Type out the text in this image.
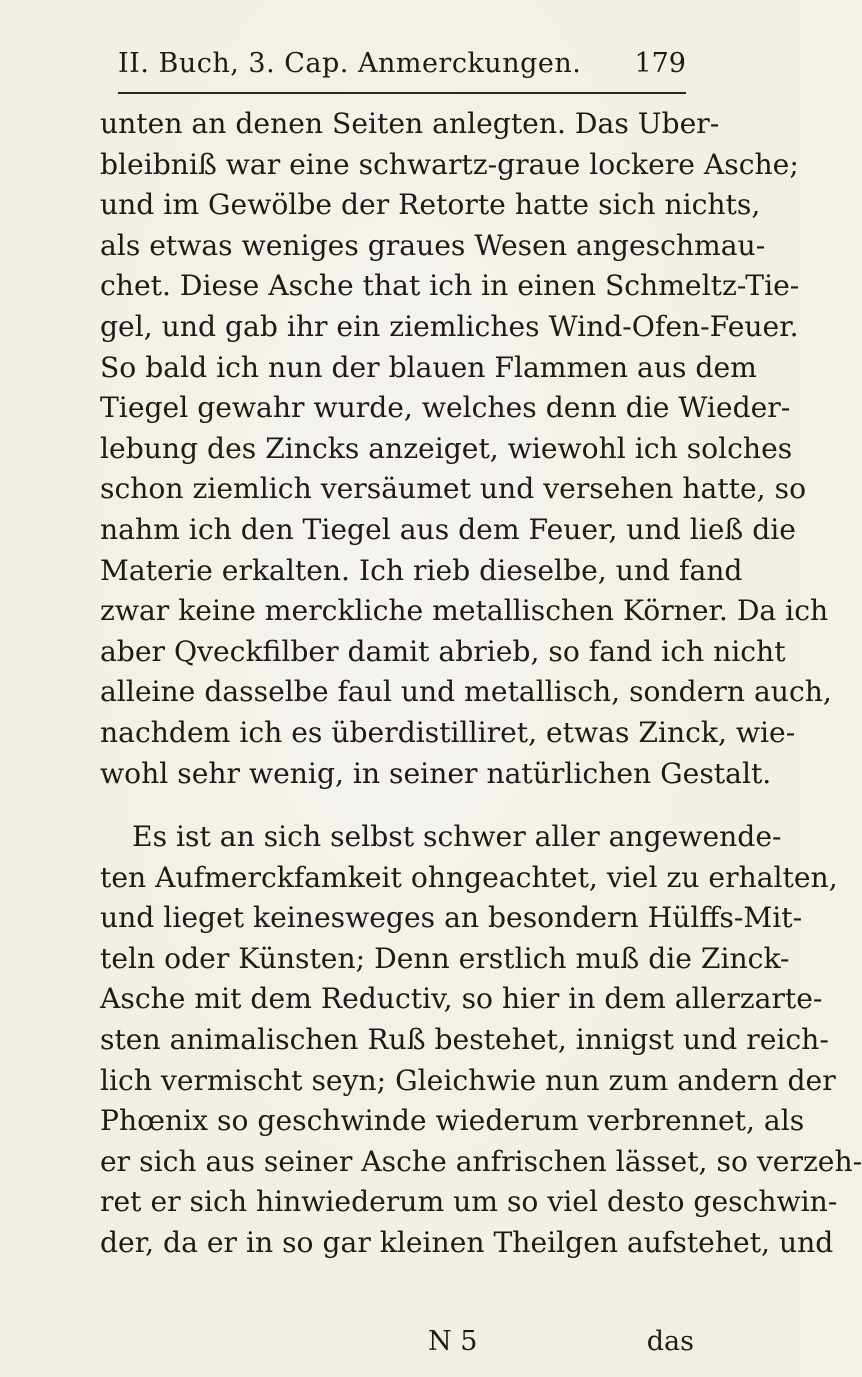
II. Buch, 3. Cap. Anmerckungen. 179
unten an denen Seiten anlegten. Das Uber-
bleibniß war eine schwartz-graue lockere Asche;
und im Gewölbe der Retorte hatte sich nichts,
als etwas weniges graues Wesen angeschmau-
chet. Diese Asche that ich in einen Schmeltz-Tie-
gel, und gab ihr ein ziemliches Wind-Ofen-Feuer.
So bald ich nun der blauen Flammen aus dem
Tiegel gewahr wurde, welches denn die Wieder-
lebung des Zincks anzeiget, wiewohl ich solches
schon ziemlich versäumet und versehen hatte, so
nahm ich den Tiegel aus dem Feuer, und ließ die
Materie erkalten. Ich rieb dieselbe, und fand
zwar keine merckliche metallischen Körner. Da ich
aber Qveckfilber damit abrieb, so fand ich nicht
alleine dasselbe faul und metallisch, sondern auch,
nachdem ich es überdistilliret, etwas Zinck, wie-
wohl sehr wenig, in seiner natürlichen Gestalt.
Es ist an sich selbst schwer aller angewende-
ten Aufmerckfamkeit ohngeachtet, viel zu erhalten,
und lieget keinesweges an besondern Hülffs-Mit-
teln oder Künsten; Denn erstlich muß die Zinck-
Asche mit dem Reductiv, so hier in dem allerzarte-
sten animalischen Ruß bestehet, innigst und reich-
lich vermischt seyn; Gleichwie nun zum andern der
Phœnix so geschwinde wiederum verbrennet, als
er sich aus seiner Asche anfrischen lässet, so verzeh-
ret er sich hinwiederum um so viel desto geschwin-
der, da er in so gar kleinen Theilgen aufstehet, und
N 5	das
